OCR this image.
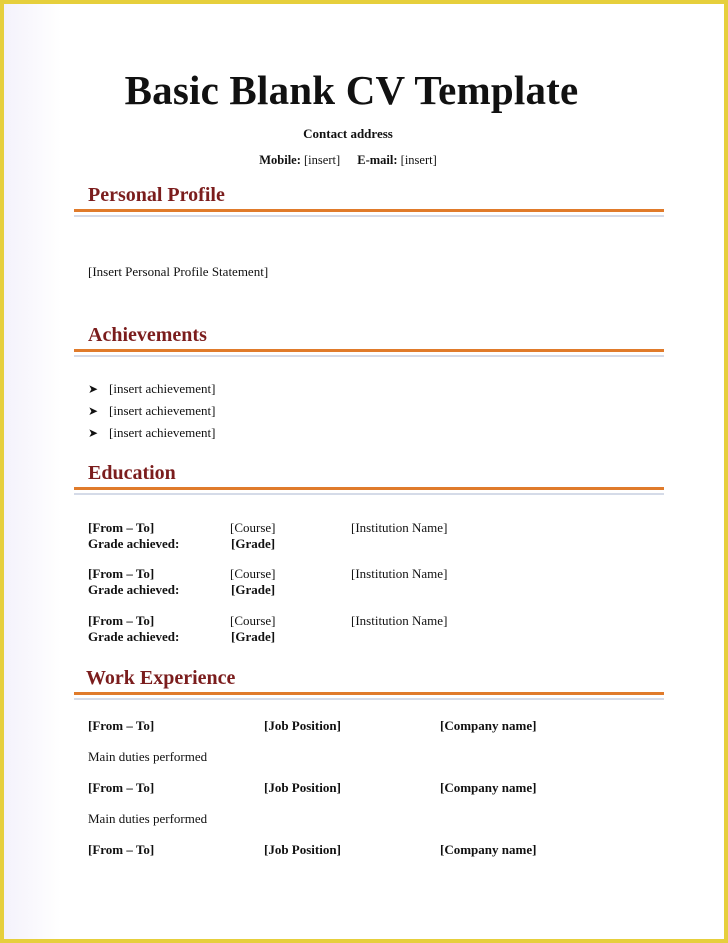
Basic Blank CV Template
Contact address
Mobile: [insert] E-mail: [insert]
Personal Profile
[Insert Personal Profile Statement]
Achievements
➤ [insert achievement]
➤ [insert achievement]
➤ [insert achievement]
Education
[From – To]	[Course]	[Institution Name]
Grade achieved:	[Grade]
[From – To]	[Course]	[Institution Name]
Grade achieved:	[Grade]
[From – To]	[Course]	[Institution Name]
Grade achieved:	[Grade]
Work Experience
[From – To]	[Job Position]	[Company name]
Main duties performed
[From – To]	[Job Position]	[Company name]
Main duties performed
[From – To]	[Job Position]	[Company name]
